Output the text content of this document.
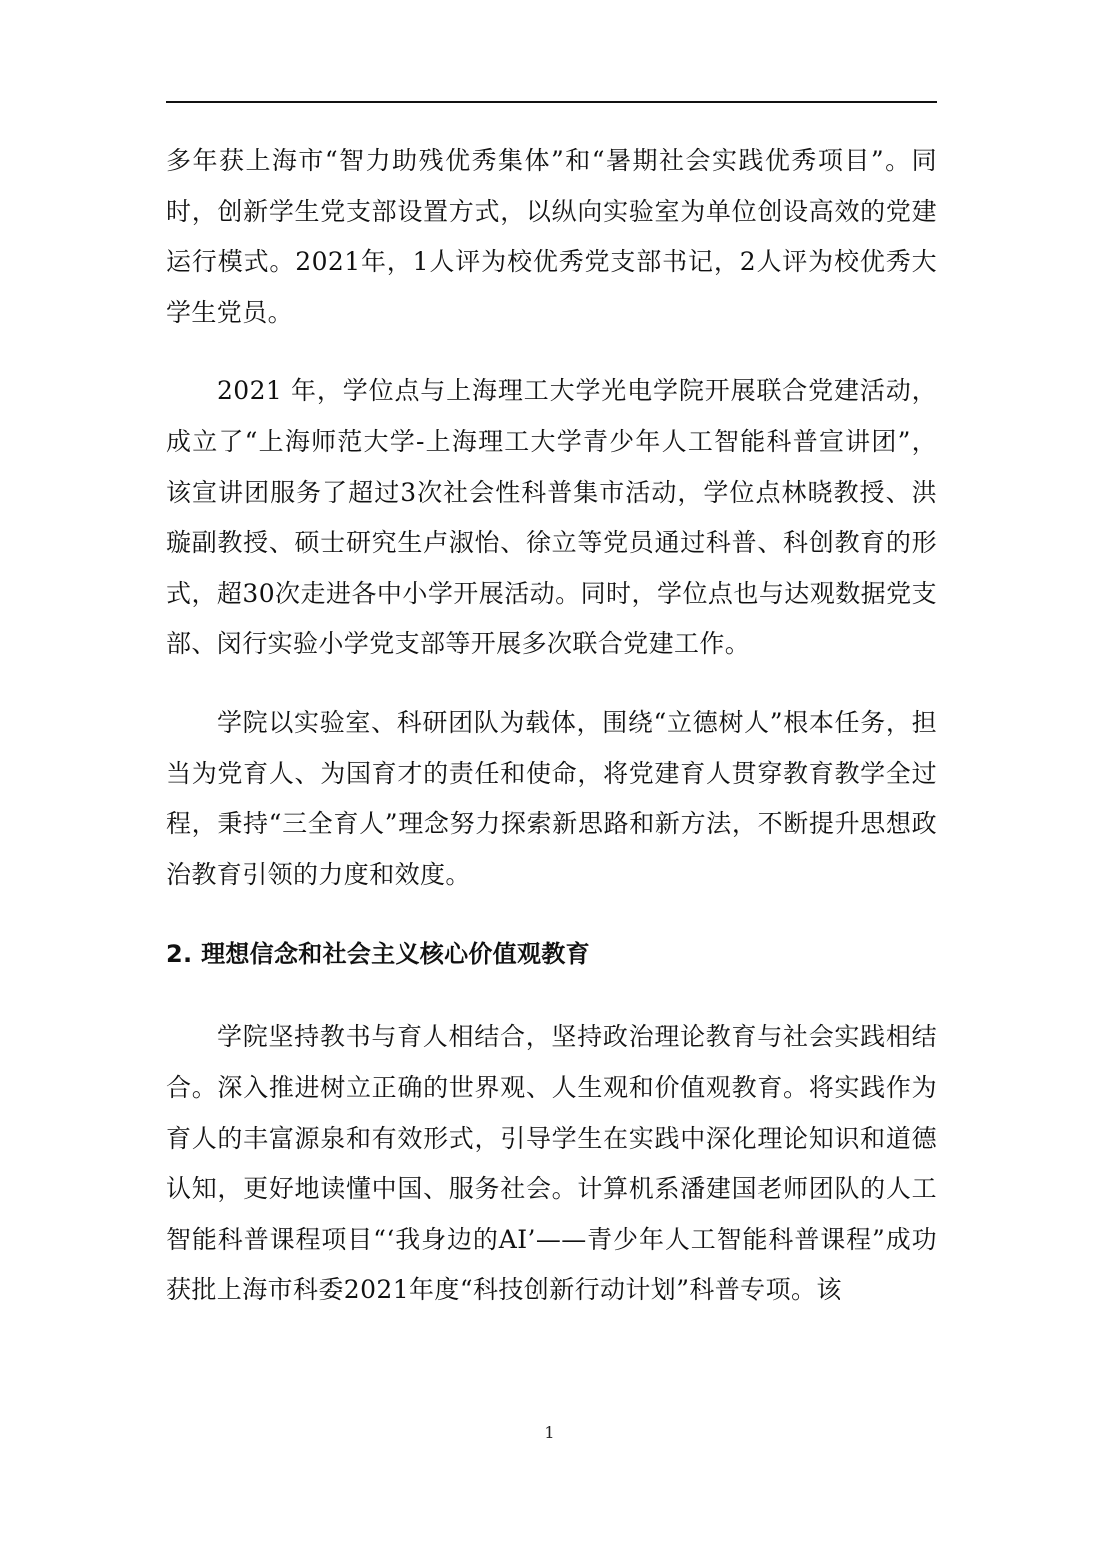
多年获上海市“智力助残优秀集体”和“暑期社会实践优秀项目”。同时，创新学生党支部设置方式，以纵向实验室为单位创设高效的党建运行模式。2021年，1人评为校优秀党支部书记，2人评为校优秀大学生党员。

2021 年，学位点与上海理工大学光电学院开展联合党建活动，成立了“上海师范大学-上海理工大学青少年人工智能科普宣讲团”，该宣讲团服务了超过3次社会性科普集市活动，学位点林晓教授、洪璇副教授、硕士研究生卢淑怡、徐立等党员通过科普、科创教育的形式，超30次走进各中小学开展活动。同时，学位点也与达观数据党支部、闵行实验小学党支部等开展多次联合党建工作。

学院以实验室、科研团队为载体，围绕“立德树人”根本任务，担当为党育人、为国育才的责任和使命，将党建育人贯穿教育教学全过程，秉持“三全育人”理念努力探索新思路和新方法，不断提升思想政治教育引领的力度和效度。

2. 理想信念和社会主义核心价值观教育

学院坚持教书与育人相结合，坚持政治理论教育与社会实践相结合。深入推进树立正确的世界观、人生观和价值观教育。将实践作为育人的丰富源泉和有效形式，引导学生在实践中深化理论知识和道德认知，更好地读懂中国、服务社会。计算机系潘建国老师团队的人工智能科普课程项目“‘我身边的AI’——青少年人工智能科普课程”成功获批上海市科委2021年度“科技创新行动计划”科普专项。该

1
